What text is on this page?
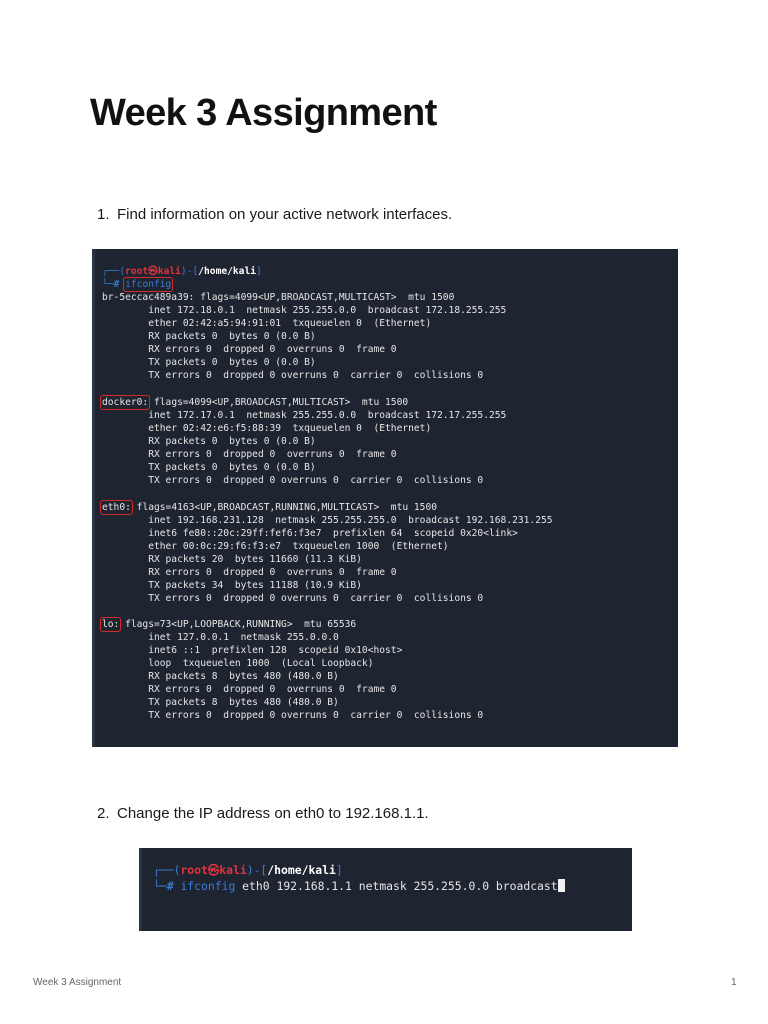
Week 3 Assignment
1. Find information on your active network interfaces.
┌──(root㉿kali)-[/home/kali]
└─# ifconfig
br-5eccac489a39: flags=4099<UP,BROADCAST,MULTICAST>  mtu 1500
inet 172.18.0.1  netmask 255.255.0.0  broadcast 172.18.255.255
ether 02:42:a5:94:91:01  txqueuelen 0  (Ethernet)
RX packets 0  bytes 0 (0.0 B)
RX errors 0  dropped 0  overruns 0  frame 0
TX packets 0  bytes 0 (0.0 B)
TX errors 0  dropped 0 overruns 0  carrier 0  collisions 0
docker0: flags=4099<UP,BROADCAST,MULTICAST>  mtu 1500
inet 172.17.0.1  netmask 255.255.0.0  broadcast 172.17.255.255
ether 02:42:e6:f5:88:39  txqueuelen 0  (Ethernet)
RX packets 0  bytes 0 (0.0 B)
RX errors 0  dropped 0  overruns 0  frame 0
TX packets 0  bytes 0 (0.0 B)
TX errors 0  dropped 0 overruns 0  carrier 0  collisions 0
eth0: flags=4163<UP,BROADCAST,RUNNING,MULTICAST>  mtu 1500
inet 192.168.231.128  netmask 255.255.255.0  broadcast 192.168.231.255
inet6 fe80::20c:29ff:fef6:f3e7  prefixlen 64  scopeid 0x20<link>
ether 00:0c:29:f6:f3:e7  txqueuelen 1000  (Ethernet)
RX packets 20  bytes 11660 (11.3 KiB)
RX errors 0  dropped 0  overruns 0  frame 0
TX packets 34  bytes 11188 (10.9 KiB)
TX errors 0  dropped 0 overruns 0  carrier 0  collisions 0
lo: flags=73<UP,LOOPBACK,RUNNING>  mtu 65536
inet 127.0.0.1  netmask 255.0.0.0
inet6 ::1  prefixlen 128  scopeid 0x10<host>
loop  txqueuelen 1000  (Local Loopback)
RX packets 8  bytes 480 (480.0 B)
RX errors 0  dropped 0  overruns 0  frame 0
TX packets 8  bytes 480 (480.0 B)
TX errors 0  dropped 0 overruns 0  carrier 0  collisions 0
2. Change the IP address on eth0 to 192.168.1.1.
┌──(root㉿kali)-[/home/kali]
└─# ifconfig eth0 192.168.1.1 netmask 255.255.0.0 broadcast
Week 3 Assignment	1
